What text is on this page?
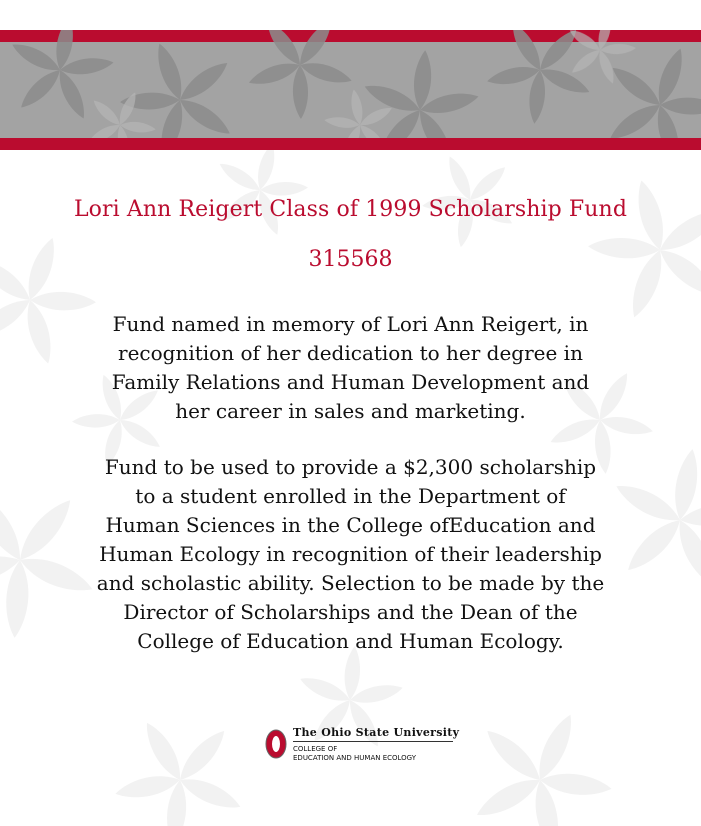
Lori Ann Reigert Class of 1999 Scholarship Fund
315568
Fund named in memory of Lori Ann Reigert, in
recognition of her dedication to her degree in
Family Relations and Human Development and
her career in sales and marketing.
Fund to be used to provide a $2,300 scholarship
to a student enrolled in the Department of
Human Sciences in the College ofEducation and
Human Ecology in recognition of their leadership
and scholastic ability. Selection to be made by the
Director of Scholarships and the Dean of the
College of Education and Human Ecology.
The Ohio State University
COLLEGE OF
EDUCATION AND HUMAN ECOLOGY
